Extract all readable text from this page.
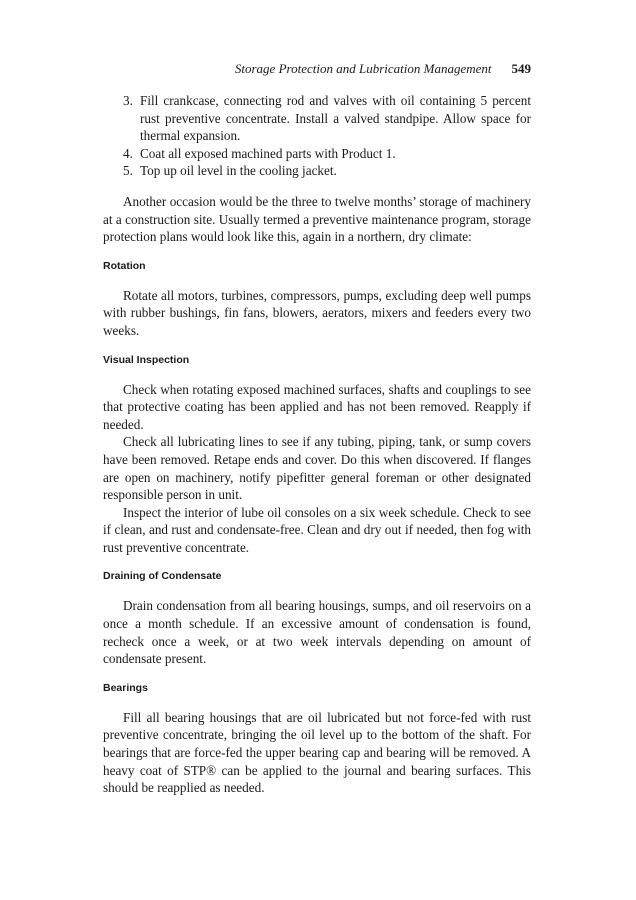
Storage Protection and Lubrication Management 549
3. Fill crankcase, connecting rod and valves with oil containing 5 percent rust preventive concentrate. Install a valved standpipe. Allow space for thermal expansion.
4. Coat all exposed machined parts with Product 1.
5. Top up oil level in the cooling jacket.

Another occasion would be the three to twelve months’ storage of machinery at a construction site. Usually termed a preventive maintenance program, storage protection plans would look like this, again in a northern, dry climate:

Rotation

Rotate all motors, turbines, compressors, pumps, excluding deep well pumps with rubber bushings, fin fans, blowers, aerators, mixers and feeders every two weeks.

Visual Inspection

Check when rotating exposed machined surfaces, shafts and couplings to see that protective coating has been applied and has not been removed. Reapply if needed.

Check all lubricating lines to see if any tubing, piping, tank, or sump covers have been removed. Retape ends and cover. Do this when discovered. If flanges are open on machinery, notify pipefitter general foreman or other designated responsible person in unit.

Inspect the interior of lube oil consoles on a six week schedule. Check to see if clean, and rust and condensate-free. Clean and dry out if needed, then fog with rust preventive concentrate.

Draining of Condensate

Drain condensation from all bearing housings, sumps, and oil reservoirs on a once a month schedule. If an excessive amount of condensation is found, recheck once a week, or at two week intervals depending on amount of condensate present.

Bearings

Fill all bearing housings that are oil lubricated but not force-fed with rust preventive concentrate, bringing the oil level up to the bottom of the shaft. For bearings that are force-fed the upper bearing cap and bearing will be removed. A heavy coat of STP® can be applied to the journal and bearing surfaces. This should be reapplied as needed.
